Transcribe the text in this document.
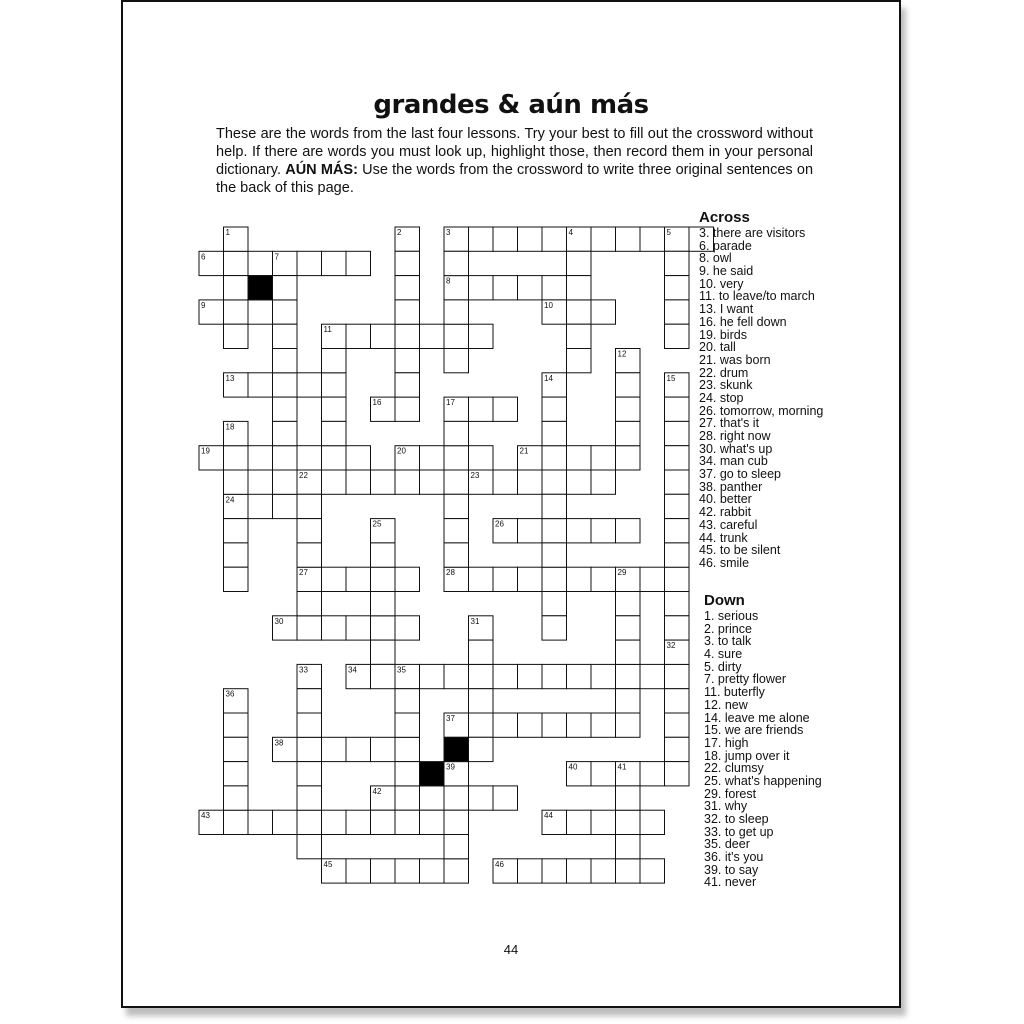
grandes & aún más
These are the words from the last four lessons. Try your best to fill out the crossword without help. If there are words you must look up, highlight those, then record them in your personal dictionary. AÚN MÁS: Use the words from the crossword to write three original sentences on the back of this page.
3
6
8
9	10
11
13
16	17
19	20	21
22	23
24
26
27	28
30
34	35
37
38
40
42
43	44
45	46
1	2	4	5
7
12
14	15
18
25
29
31
32
33
36
39	41
Across
3. there are visitors
6. parade
8. owl
9. he said
10. very
11. to leave/to march
13. I want
16. he fell down
19. birds
20. tall
21. was born
22. drum
23. skunk
24. stop
26. tomorrow, morning
27. that's it
28. right now
30. what's up
34. man cub
37. go to sleep
38. panther
40. better
42. rabbit
43. careful
44. trunk
45. to be silent
46. smile
Down
1. serious
2. prince
3. to talk
4. sure
5. dirty
7. pretty flower
11. buterfly
12. new
14. leave me alone
15. we are friends
17. high
18. jump over it
22. clumsy
25. what's happening
29. forest
31. why
32. to sleep
33. to get up
35. deer
36. it's you
39. to say
41. never
44
